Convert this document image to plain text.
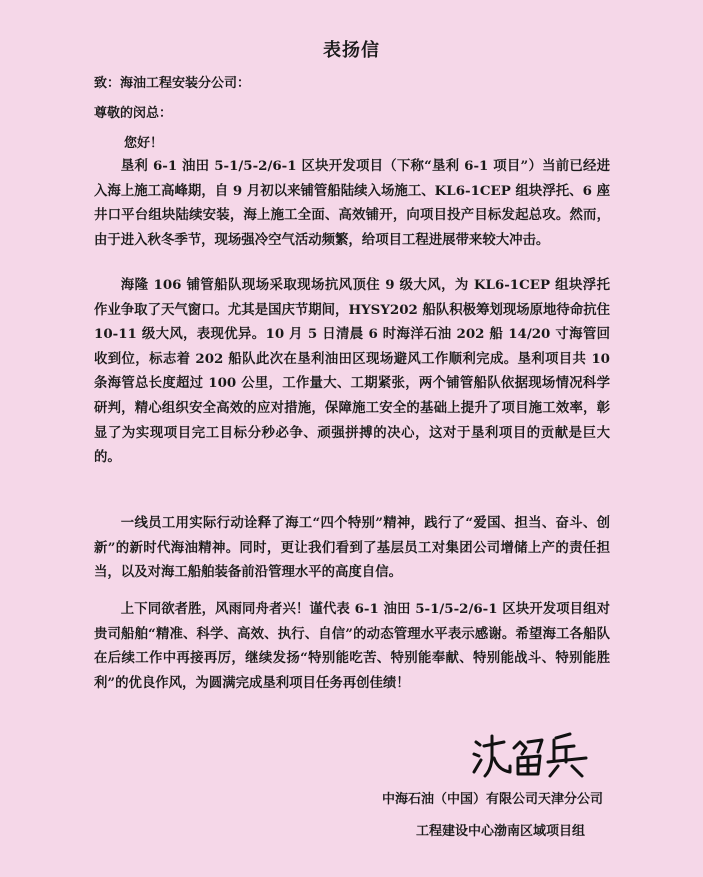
表扬信
致：海油工程安装分公司：
尊敬的闵总：
您好！

垦利 6-1 油田 5-1/5-2/6-1 区块开发项目（下称“垦利 6-1 项目”）当前已经进入海上施工高峰期，自 9 月初以来铺管船陆续入场施工、KL6-1CEP 组块浮托、6 座井口平台组块陆续安装，海上施工全面、高效铺开，向项目投产目标发起总攻。然而，由于进入秋冬季节，现场强冷空气活动频繁，给项目工程进展带来较大冲击。

海隆 106 铺管船队现场采取现场抗风顶住 9 级大风，为 KL6-1CEP 组块浮托作业争取了天气窗口。尤其是国庆节期间，HYSY202 船队积极筹划现场原地待命抗住 10-11 级大风，表现优异。10 月 5 日清晨 6 时海洋石油 202 船 14/20 寸海管回收到位，标志着 202 船队此次在垦利油田区现场避风工作顺利完成。垦利项目共 10 条海管总长度超过 100 公里，工作量大、工期紧张，两个铺管船队依据现场情况科学研判，精心组织安全高效的应对措施，保障施工安全的基础上提升了项目施工效率，彰显了为实现项目完工目标分秒必争、顽强拼搏的决心，这对于垦利项目的贡献是巨大的。

一线员工用实际行动诠释了海工“四个特别”精神，践行了“爱国、担当、奋斗、创新”的新时代海油精神。同时，更让我们看到了基层员工对集团公司增储上产的责任担当，以及对海工船舶装备前沿管理水平的高度自信。

上下同欲者胜，风雨同舟者兴！谨代表 6-1 油田 5-1/5-2/6-1 区块开发项目组对贵司船舶“精准、科学、高效、执行、自信”的动态管理水平表示感谢。希望海工各船队在后续工作中再接再厉，继续发扬“特别能吃苦、特别能奉献、特别能战斗、特别能胜利”的优良作风，为圆满完成垦利项目任务再创佳绩！

中海石油（中国）有限公司天津分公司
工程建设中心渤南区域项目组
